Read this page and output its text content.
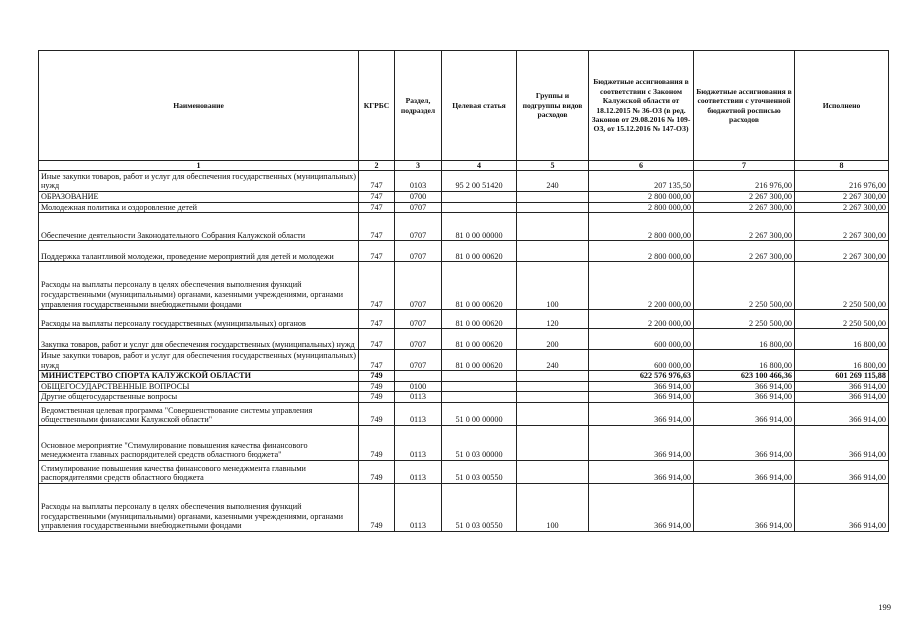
Наименование	КГРБС	Раздел, подраздел	Целевая статья	Группы и подгруппы видов расходов	Бюджетные ассигнования в соответствии с Законом Калужской области от 18.12.2015 № 36-ОЗ (в ред. Законов от 29.08.2016 № 109-ОЗ, от 15.12.2016 № 147-ОЗ)	Бюджетные ассигнования в соответствии с уточненной бюджетной росписью расходов	Исполнено
1	2	3	4	5	6	7	8
Иные закупки товаров, работ и услуг для обеспечения государственных (муниципальных) нужд	747	0103	95 2 00 51420	240	207 135,50	216 976,00	216 976,00
ОБРАЗОВАНИЕ	747	0700			2 800 000,00	2 267 300,00	2 267 300,00
Молодежная политика и оздоровление детей	747	0707			2 800 000,00	2 267 300,00	2 267 300,00
Обеспечение деятельности Законодательного Собрания Калужской области	747	0707	81 0 00 00000		2 800 000,00	2 267 300,00	2 267 300,00
Поддержка талантливой молодежи, проведение мероприятий для детей и молодежи	747	0707	81 0 00 00620		2 800 000,00	2 267 300,00	2 267 300,00
Расходы на выплаты персоналу в целях обеспечения выполнения функций государственными (муниципальными) органами, казенными учреждениями, органами управления государственными внебюджетными фондами	747	0707	81 0 00 00620	100	2 200 000,00	2 250 500,00	2 250 500,00
Расходы на выплаты персоналу государственных (муниципальных) органов	747	0707	81 0 00 00620	120	2 200 000,00	2 250 500,00	2 250 500,00
Закупка товаров, работ и услуг для обеспечения государственных (муниципальных) нужд	747	0707	81 0 00 00620	200	600 000,00	16 800,00	16 800,00
Иные закупки товаров, работ и услуг для обеспечения государственных (муниципальных) нужд	747	0707	81 0 00 00620	240	600 000,00	16 800,00	16 800,00
МИНИСТЕРСТВО СПОРТА КАЛУЖСКОЙ ОБЛАСТИ	749				622 576 976,63	623 100 466,36	601 269 115,88
ОБЩЕГОСУДАРСТВЕННЫЕ ВОПРОСЫ	749	0100			366 914,00	366 914,00	366 914,00
Другие общегосударственные вопросы	749	0113			366 914,00	366 914,00	366 914,00
Ведомственная целевая программа "Совершенствование системы управления общественными финансами Калужской области"	749	0113	51 0 00 00000		366 914,00	366 914,00	366 914,00
Основное мероприятие "Стимулирование повышения качества финансового менеджмента главных распорядителей средств областного бюджета"	749	0113	51 0 03 00000		366 914,00	366 914,00	366 914,00
Стимулирование повышения качества финансового менеджмента главными распорядителями средств областного бюджета	749	0113	51 0 03 00550		366 914,00	366 914,00	366 914,00
Расходы на выплаты персоналу в целях обеспечения выполнения функций государственными (муниципальными) органами, казенными учреждениями, органами управления государственными внебюджетными фондами	749	0113	51 0 03 00550	100	366 914,00	366 914,00	366 914,00
199
